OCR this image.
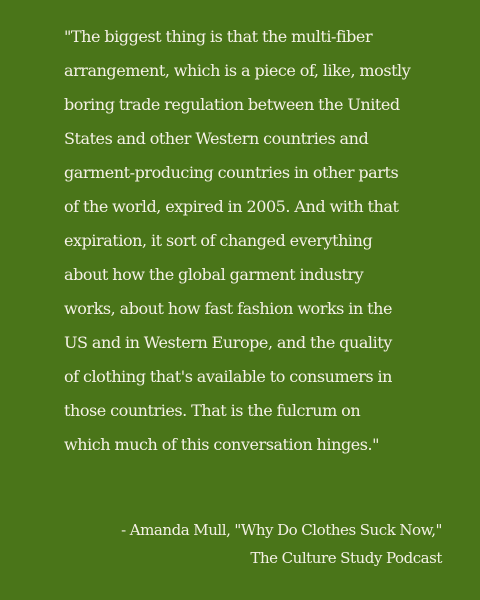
"The biggest thing is that the multi-fiber
arrangement, which is a piece of, like, mostly
boring trade regulation between the United
States and other Western countries and
garment-producing countries in other parts
of the world, expired in 2005. And with that
expiration, it sort of changed everything
about how the global garment industry
works, about how fast fashion works in the
US and in Western Europe, and the quality
of clothing that's available to consumers in
those countries. That is the fulcrum on
which much of this conversation hinges."
- Amanda Mull, "Why Do Clothes Suck Now,"
The Culture Study Podcast
